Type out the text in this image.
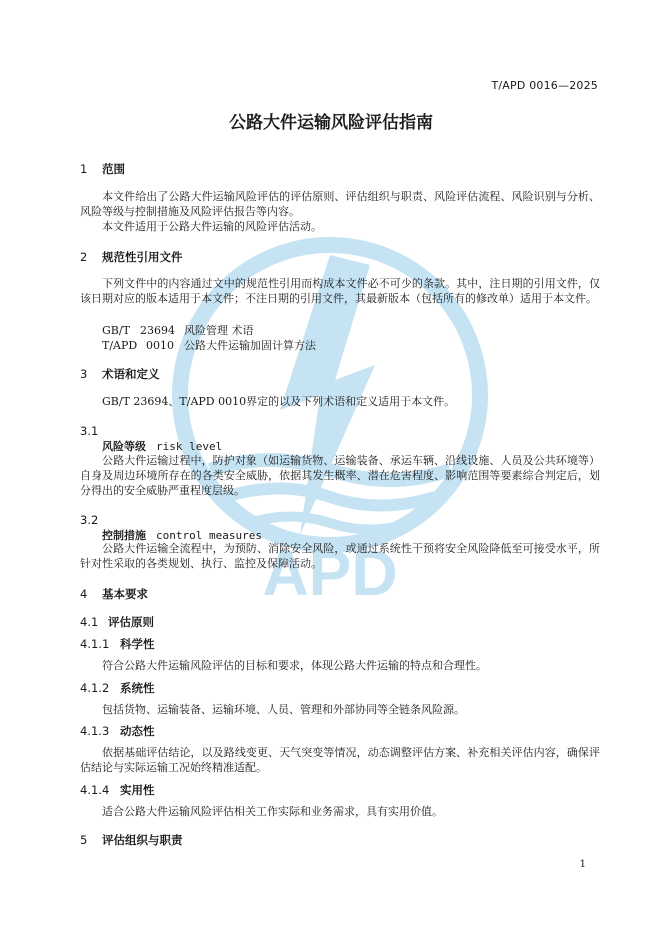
APD
T/APD 0016—2025
公路大件运输风险评估指南
1 范围

本文件给出了公路大件运输风险评估的评估原则、评估组织与职责、风险评估流程、风险识别与分析、风险等级与控制措施及风险评估报告等内容。

本文件适用于公路大件运输的风险评估活动。

2 规范性引用文件

下列文件中的内容通过文中的规范性引用而构成本文件必不可少的条款。其中，注日期的引用文件，仅该日期对应的版本适用于本文件；不注日期的引用文件，其最新版本（包括所有的修改单）适用于本文件。

GB/T 23694 风险管理 术语
T/APD 0010 公路大件运输加固计算方法
3 术语和定义

GB/T 23694、T/APD 0010界定的以及下列术语和定义适用于本文件。

3.1
风险等级 risk level

公路大件运输过程中，防护对象（如运输货物、运输装备、承运车辆、沿线设施、人员及公共环境等）自身及周边环境所存在的各类安全威胁，依据其发生概率、潜在危害程度、影响范围等要素综合判定后，划分得出的安全威胁严重程度层级。

3.2
控制措施 control measures

公路大件运输全流程中，为预防、消除安全风险，或通过系统性干预将安全风险降低至可接受水平，所针对性采取的各类规划、执行、监控及保障活动。

4 基本要求
4.1 评估原则
4.1.1 科学性

符合公路大件运输风险评估的目标和要求，体现公路大件运输的特点和合理性。

4.1.2 系统性

包括货物、运输装备、运输环境、人员、管理和外部协同等全链条风险源。

4.1.3 动态性

依据基础评估结论，以及路线变更、天气突变等情况，动态调整评估方案、补充相关评估内容，确保评估结论与实际运输工况始终精准适配。

4.1.4 实用性

适合公路大件运输风险评估相关工作实际和业务需求，具有实用价值。

5 评估组织与职责
1
